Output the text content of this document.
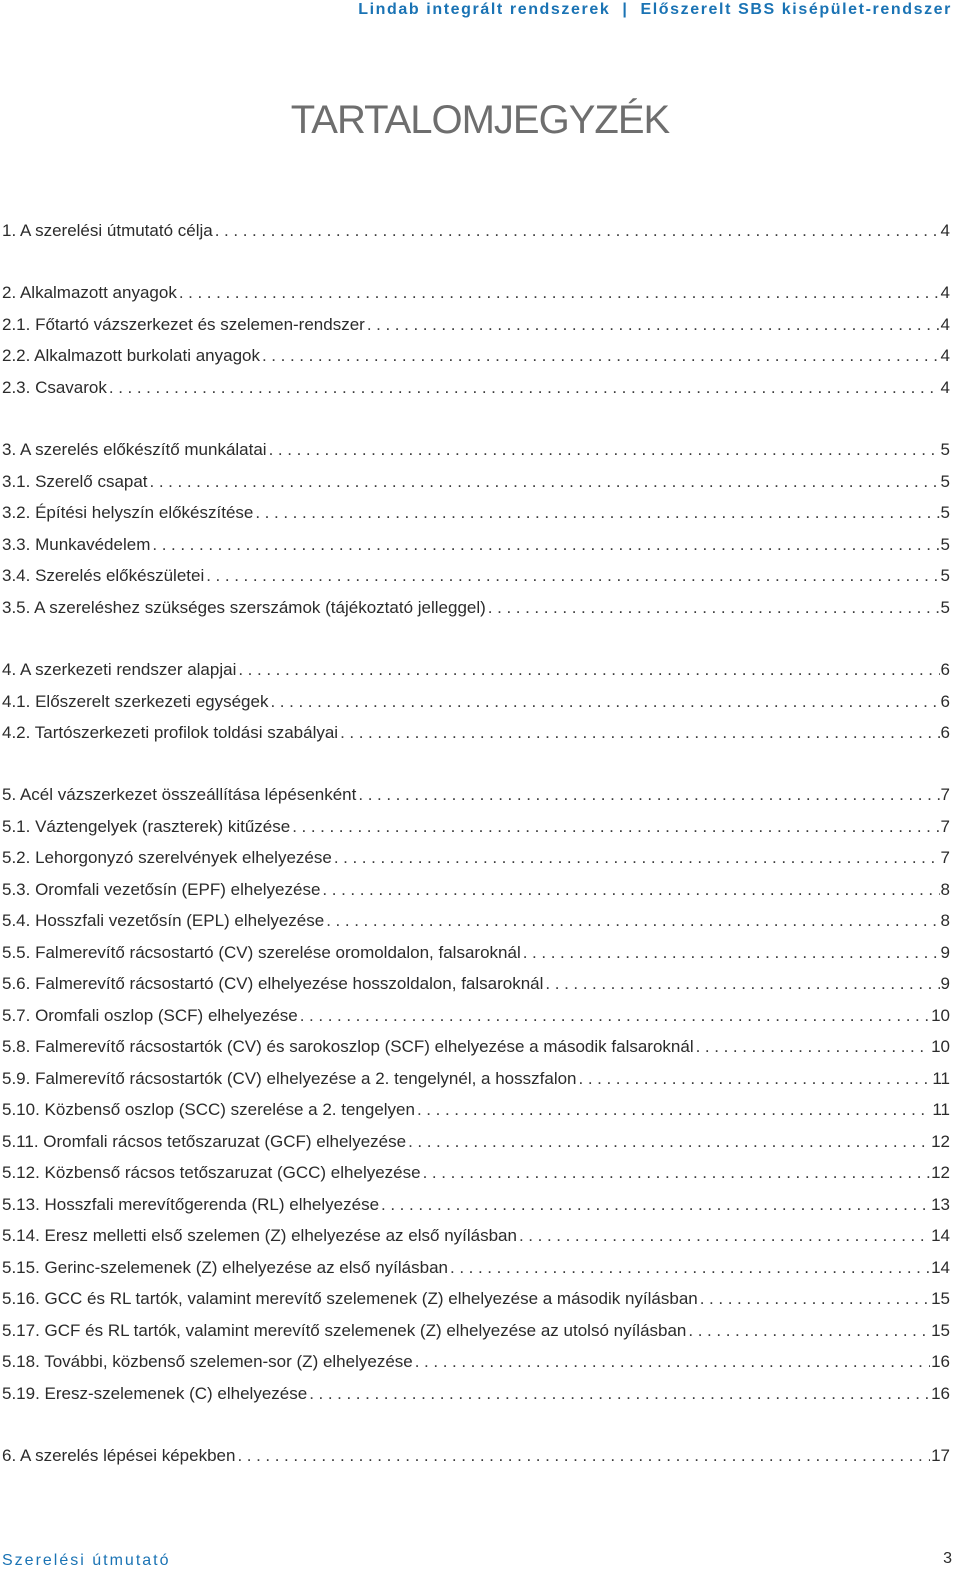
Lindab integrált rendszerek | Előszerelt SBS kisépület-rendszer
TARTALOMJEGYZÉK
1. A szerelési útmutató célja .....	4
2. Alkalmazott anyagok .....	4
2.1. Főtartó vázszerkezet és szelemen-rendszer .....	4
2.2. Alkalmazott burkolati anyagok .....	4
2.3. Csavarok .....	4
3. A szerelés előkészítő munkálatai .....	5
3.1. Szerelő csapat .....	5
3.2. Építési helyszín előkészítése .....	5
3.3. Munkavédelem .....	5
3.4. Szerelés előkészületei .....	5
3.5. A szereléshez szükséges szerszámok (tájékoztató jelleggel) .....	5
4. A szerkezeti rendszer alapjai .....	6
4.1. Előszerelt szerkezeti egységek .....	6
4.2. Tartószerkezeti profilok toldási szabályai .....	6
5. Acél vázszerkezet összeállítása lépésenként .....	7
5.1. Váztengelyek (raszterek) kitűzése .....	7
5.2. Lehorgonyzó szerelvények elhelyezése .....	7
5.3. Oromfali vezetősín (EPF) elhelyezése .....	8
5.4. Hosszfali vezetősín (EPL) elhelyezése .....	8
5.5. Falmerevítő rácsostartó (CV) szerelése oromoldalon, falsaroknál .....	9
5.6. Falmerevítő rácsostartó (CV) elhelyezése hosszoldalon, falsaroknál .....	9
5.7. Oromfali oszlop (SCF) elhelyezése .....	10
5.8. Falmerevítő rácsostartók (CV) és sarokoszlop (SCF) elhelyezése a második falsaroknál .....	10
5.9. Falmerevítő rácsostartók (CV) elhelyezése a 2. tengelynél, a hosszfalon .....	11
5.10. Közbenső oszlop (SCC) szerelése a 2. tengelyen .....	11
5.11. Oromfali rácsos tetőszaruzat (GCF) elhelyezése .....	12
5.12. Közbenső rácsos tetőszaruzat (GCC) elhelyezése .....	12
5.13. Hosszfali merevítőgerenda (RL) elhelyezése .....	13
5.14. Eresz melletti első szelemen (Z) elhelyezése az első nyílásban .....	14
5.15. Gerinc-szelemenek (Z) elhelyezése az első nyílásban .....	14
5.16. GCC és RL tartók, valamint merevítő szelemenek (Z) elhelyezése a második nyílásban .....	15
5.17. GCF és RL tartók, valamint merevítő szelemenek (Z) elhelyezése az utolsó nyílásban .....	15
5.18. További, közbenső szelemen-sor (Z) elhelyezése .....	16
5.19. Eresz-szelemenek (C) elhelyezése .....	16
6. A szerelés lépései képekben .....	17
Szerelési útmutató	3
